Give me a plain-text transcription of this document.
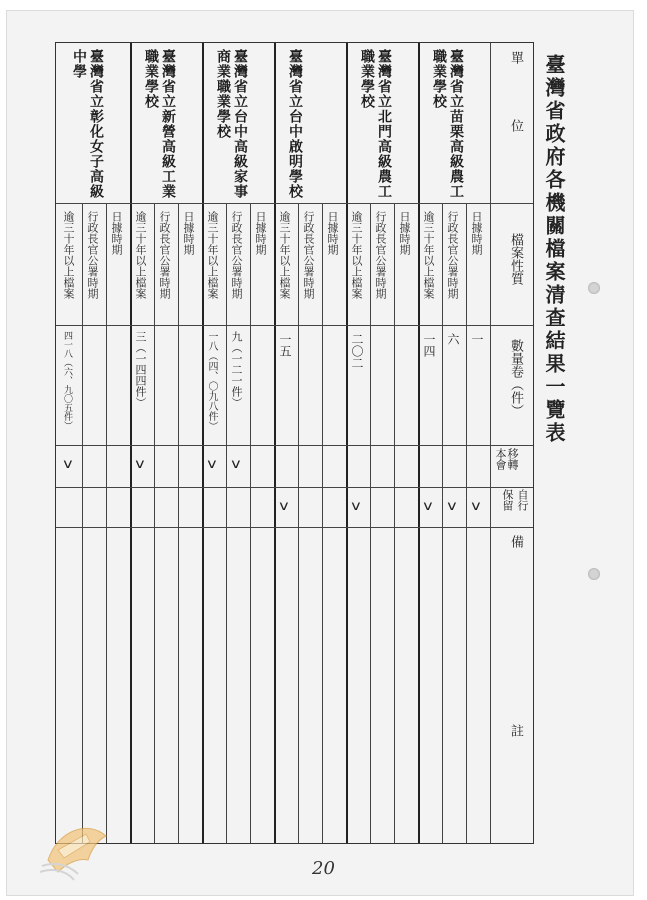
臺灣省政府各機關檔案清查結果一覽表
單　　　位
檔案性質
數量卷（件）
移轉
本會
自行
保留
備　　　　　　　　註
臺灣省立苗栗高級農工職業學校
日據時期
行政長官公署時期
逾三十年以上檔案
一
六
一四
v
v
v
臺灣省立北門高級農工職業學校
日據時期
行政長官公署時期
逾三十年以上檔案
二〇二
v
臺灣省立台中啟明學校
日據時期
行政長官公署時期
逾三十年以上檔案
一五
v
臺灣省立台中高級家事商業職業學校
日據時期
行政長官公署時期
逾三十年以上檔案
九（一二一件）
一八（四、〇九八件）
v
v
臺灣省立新營高級工業職業學校
日據時期
行政長官公署時期
逾三十年以上檔案
三（一四四件）
v
臺灣省立彰化女子高級中學
日據時期
行政長官公署時期
逾三十年以上檔案
四一八（六、九〇五件）
v
20
